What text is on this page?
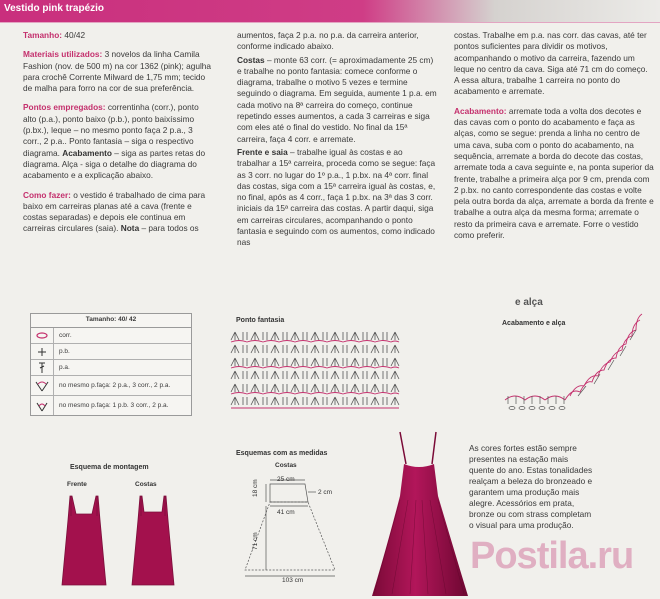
Vestido pink trapézio

Tamanho: 40/42

Materiais utilizados: 3 novelos da linha Camila Fashion (nov. de 500 m) na cor 1362 (pink); agulha para crochê Corrente Milward de 1,75 mm; tecido de malha para forro na cor de sua preferência.

Pontos empregados: correntinha (corr.), ponto alto (p.a.), ponto baixo (p.b.), ponto baixíssimo (p.bx.), leque – no mesmo ponto faça 2 p.a., 3 corr., 2 p.a.. Ponto fantasia – siga o respectivo diagrama. Acabamento – siga as partes retas do diagrama. Alça - siga o detalhe do diagrama do acabamento e a explicação abaixo.

Como fazer: o vestido é trabalhado de cima para baixo em carreiras planas até a cava (frente e costas separadas) e depois ele continua em carreiras circulares (saia). Nota – para todos os

aumentos, faça 2 p.a. no p.a. da carreira anterior, conforme indicado abaixo.

Costas – monte 63 corr. (= aproximadamente 25 cm) e trabalhe no ponto fantasia: comece conforme o diagrama, trabalhe o motivo 5 vezes e termine seguindo o diagrama. Em seguida, aumente 1 p.a. em cada motivo na 8ª carreira do começo, continue repetindo esses aumentos, a cada 3 carreiras e siga com eles até o final do vestido. No final da 15ª carreira, faça 4 corr. e arremate.

Frente e saia – trabalhe igual às costas e ao trabalhar a 15ª carreira, proceda como se segue: faça as 3 corr. no lugar do 1º p.a., 1 p.bx. na 4ª corr. final das costas, siga com a 15ª carreira igual às costas, e, no final, após as 4 corr., faça 1 p.bx. na 3ª das 3 corr. iniciais da 15ª carreira das costas. A partir daqui, siga em carreiras circulares, acompanhando o ponto fantasia e seguindo com os aumentos, como indicado nas

costas. Trabalhe em p.a. nas corr. das cavas, até ter pontos suficientes para dividir os motivos, acompanhando o motivo da carreira, fazendo um leque no centro da cava. Siga até 71 cm do começo. A essa altura, trabalhe 1 carreira no ponto do acabamento e arremate.

Acabamento: arremate toda a volta dos decotes e das cavas com o ponto do acabamento e faça as alças, como se segue: prenda a linha no centro de uma cava, suba com o ponto do acabamento, na sequência, arremate a borda do decote das costas, arremate toda a cava seguinte e, na ponta superior da frente, trabalhe a primeira alça por 9 cm, prenda com 2 p.bx. no canto correspondente das costas e volte pela outra borda da alça, arremate a borda da frente e trabalhe a outra alça da mesma forma; arremate o resto da primeira cava e arremate. Forre o vestido como preferir.

Tamanho: 40/ 42
corr.
p.b.
p.a.
no mesmo p.faça: 2 p.a., 3 corr., 2 p.a.
no mesmo p.faça: 1 p.b. 3 corr., 2 p.a.
Ponto fantasia
e alça
Acabamento e alça
Esquema de montagem
Frente	Costas
Esquemas com as medidas
Costas
25 cm
18 cm	2 cm
41 cm
71 cm
103 cm
As cores fortes estão sempre presentes na estação mais quente do ano. Estas tonalidades realçam a beleza do bronzeado e garantem uma produção mais alegre. Acessórios em prata, bronze ou com strass completam o visual para uma produção.
Postila.ru
